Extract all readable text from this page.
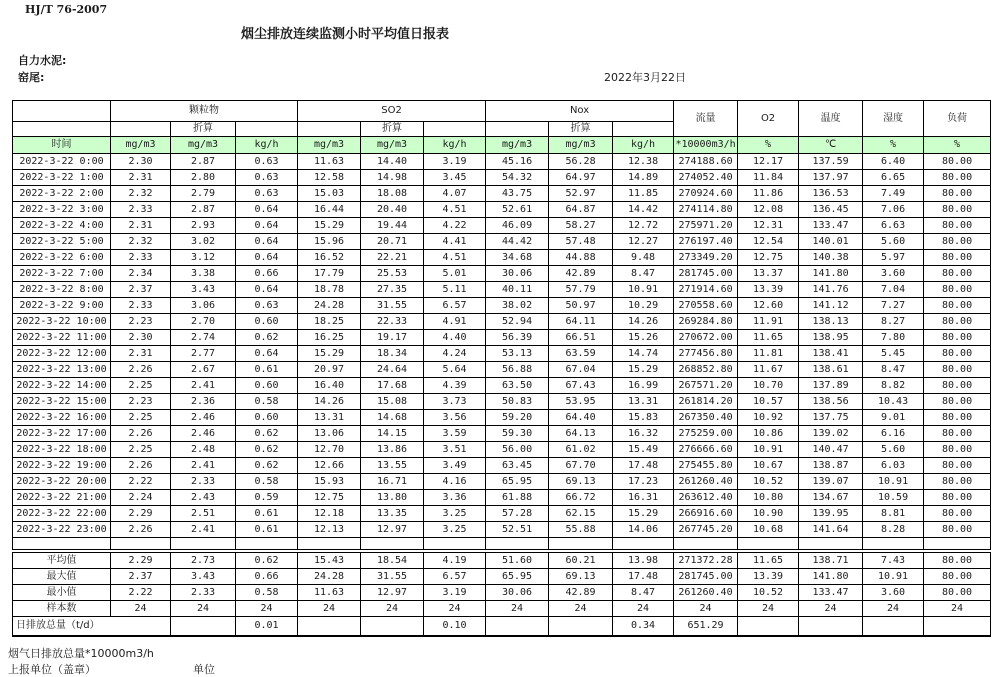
HJ/T 76-2007
烟尘排放连续监测小时平均值日报表
自力水泥:
窑尾:	2022年3月22日
	颗粒物			SO2			Nox			流量	O2	温度	湿度	负荷
		折算			折算			折算						
时间	mg/m3	mg/m3	kg/h	mg/m3	mg/m3	kg/h	mg/m3	mg/m3	kg/h	*10000m3/h	%	℃	%	%
2022-3-22 0:00	2.30	2.87	0.63	11.63	14.40	3.19	45.16	56.28	12.38	274188.60	12.17	137.59	6.40	80.00
2022-3-22 1:00	2.31	2.80	0.63	12.58	14.98	3.45	54.32	64.97	14.89	274052.40	11.84	137.97	6.65	80.00
2022-3-22 2:00	2.32	2.79	0.63	15.03	18.08	4.07	43.75	52.97	11.85	270924.60	11.86	136.53	7.49	80.00
2022-3-22 3:00	2.33	2.87	0.64	16.44	20.40	4.51	52.61	64.87	14.42	274114.80	12.08	136.45	7.06	80.00
2022-3-22 4:00	2.31	2.93	0.64	15.29	19.44	4.22	46.09	58.27	12.72	275971.20	12.31	133.47	6.63	80.00
2022-3-22 5:00	2.32	3.02	0.64	15.96	20.71	4.41	44.42	57.48	12.27	276197.40	12.54	140.01	5.60	80.00
2022-3-22 6:00	2.33	3.12	0.64	16.52	22.21	4.51	34.68	44.88	9.48	273349.20	12.75	140.38	5.97	80.00
2022-3-22 7:00	2.34	3.38	0.66	17.79	25.53	5.01	30.06	42.89	8.47	281745.00	13.37	141.80	3.60	80.00
2022-3-22 8:00	2.37	3.43	0.64	18.78	27.35	5.11	40.11	57.79	10.91	271914.60	13.39	141.76	7.04	80.00
2022-3-22 9:00	2.33	3.06	0.63	24.28	31.55	6.57	38.02	50.97	10.29	270558.60	12.60	141.12	7.27	80.00
2022-3-22 10:00	2.23	2.70	0.60	18.25	22.33	4.91	52.94	64.11	14.26	269284.80	11.91	138.13	8.27	80.00
2022-3-22 11:00	2.30	2.74	0.62	16.25	19.17	4.40	56.39	66.51	15.26	270672.00	11.65	138.95	7.80	80.00
2022-3-22 12:00	2.31	2.77	0.64	15.29	18.34	4.24	53.13	63.59	14.74	277456.80	11.81	138.41	5.45	80.00
2022-3-22 13:00	2.26	2.67	0.61	20.97	24.64	5.64	56.88	67.04	15.29	268852.80	11.67	138.61	8.47	80.00
2022-3-22 14:00	2.25	2.41	0.60	16.40	17.68	4.39	63.50	67.43	16.99	267571.20	10.70	137.89	8.82	80.00
2022-3-22 15:00	2.23	2.36	0.58	14.26	15.08	3.73	50.83	53.95	13.31	261814.20	10.57	138.56	10.43	80.00
2022-3-22 16:00	2.25	2.46	0.60	13.31	14.68	3.56	59.20	64.40	15.83	267350.40	10.92	137.75	9.01	80.00
2022-3-22 17:00	2.26	2.46	0.62	13.06	14.15	3.59	59.30	64.13	16.32	275259.00	10.86	139.02	6.16	80.00
2022-3-22 18:00	2.25	2.48	0.62	12.70	13.86	3.51	56.00	61.02	15.49	276666.60	10.91	140.47	5.60	80.00
2022-3-22 19:00	2.26	2.41	0.62	12.66	13.55	3.49	63.45	67.70	17.48	275455.80	10.67	138.87	6.03	80.00
2022-3-22 20:00	2.22	2.33	0.58	15.93	16.71	4.16	65.95	69.13	17.23	261260.40	10.52	139.07	10.91	80.00
2022-3-22 21:00	2.24	2.43	0.59	12.75	13.80	3.36	61.88	66.72	16.31	263612.40	10.80	134.67	10.59	80.00
2022-3-22 22:00	2.29	2.51	0.61	12.18	13.35	3.25	57.28	62.15	15.29	266916.60	10.90	139.95	8.81	80.00
2022-3-22 23:00	2.26	2.41	0.61	12.13	12.97	3.25	52.51	55.88	14.06	267745.20	10.68	141.64	8.28	80.00

平均值	2.29	2.73	0.62	15.43	18.54	4.19	51.60	60.21	13.98	271372.28	11.65	138.71	7.43	80.00
最大值	2.37	3.43	0.66	24.28	31.55	6.57	65.95	69.13	17.48	281745.00	13.39	141.80	10.91	80.00
最小值	2.22	2.33	0.58	11.63	12.97	3.19	30.06	42.89	8.47	261260.40	10.52	133.47	3.60	80.00
样本数	24	24	24	24	24	24	24	24	24	24	24	24	24	24
日排放总量（t/d）			0.01			0.10			0.34	651.29				
烟气日排放总量*10000m3/h
上报单位（盖章）	单位
